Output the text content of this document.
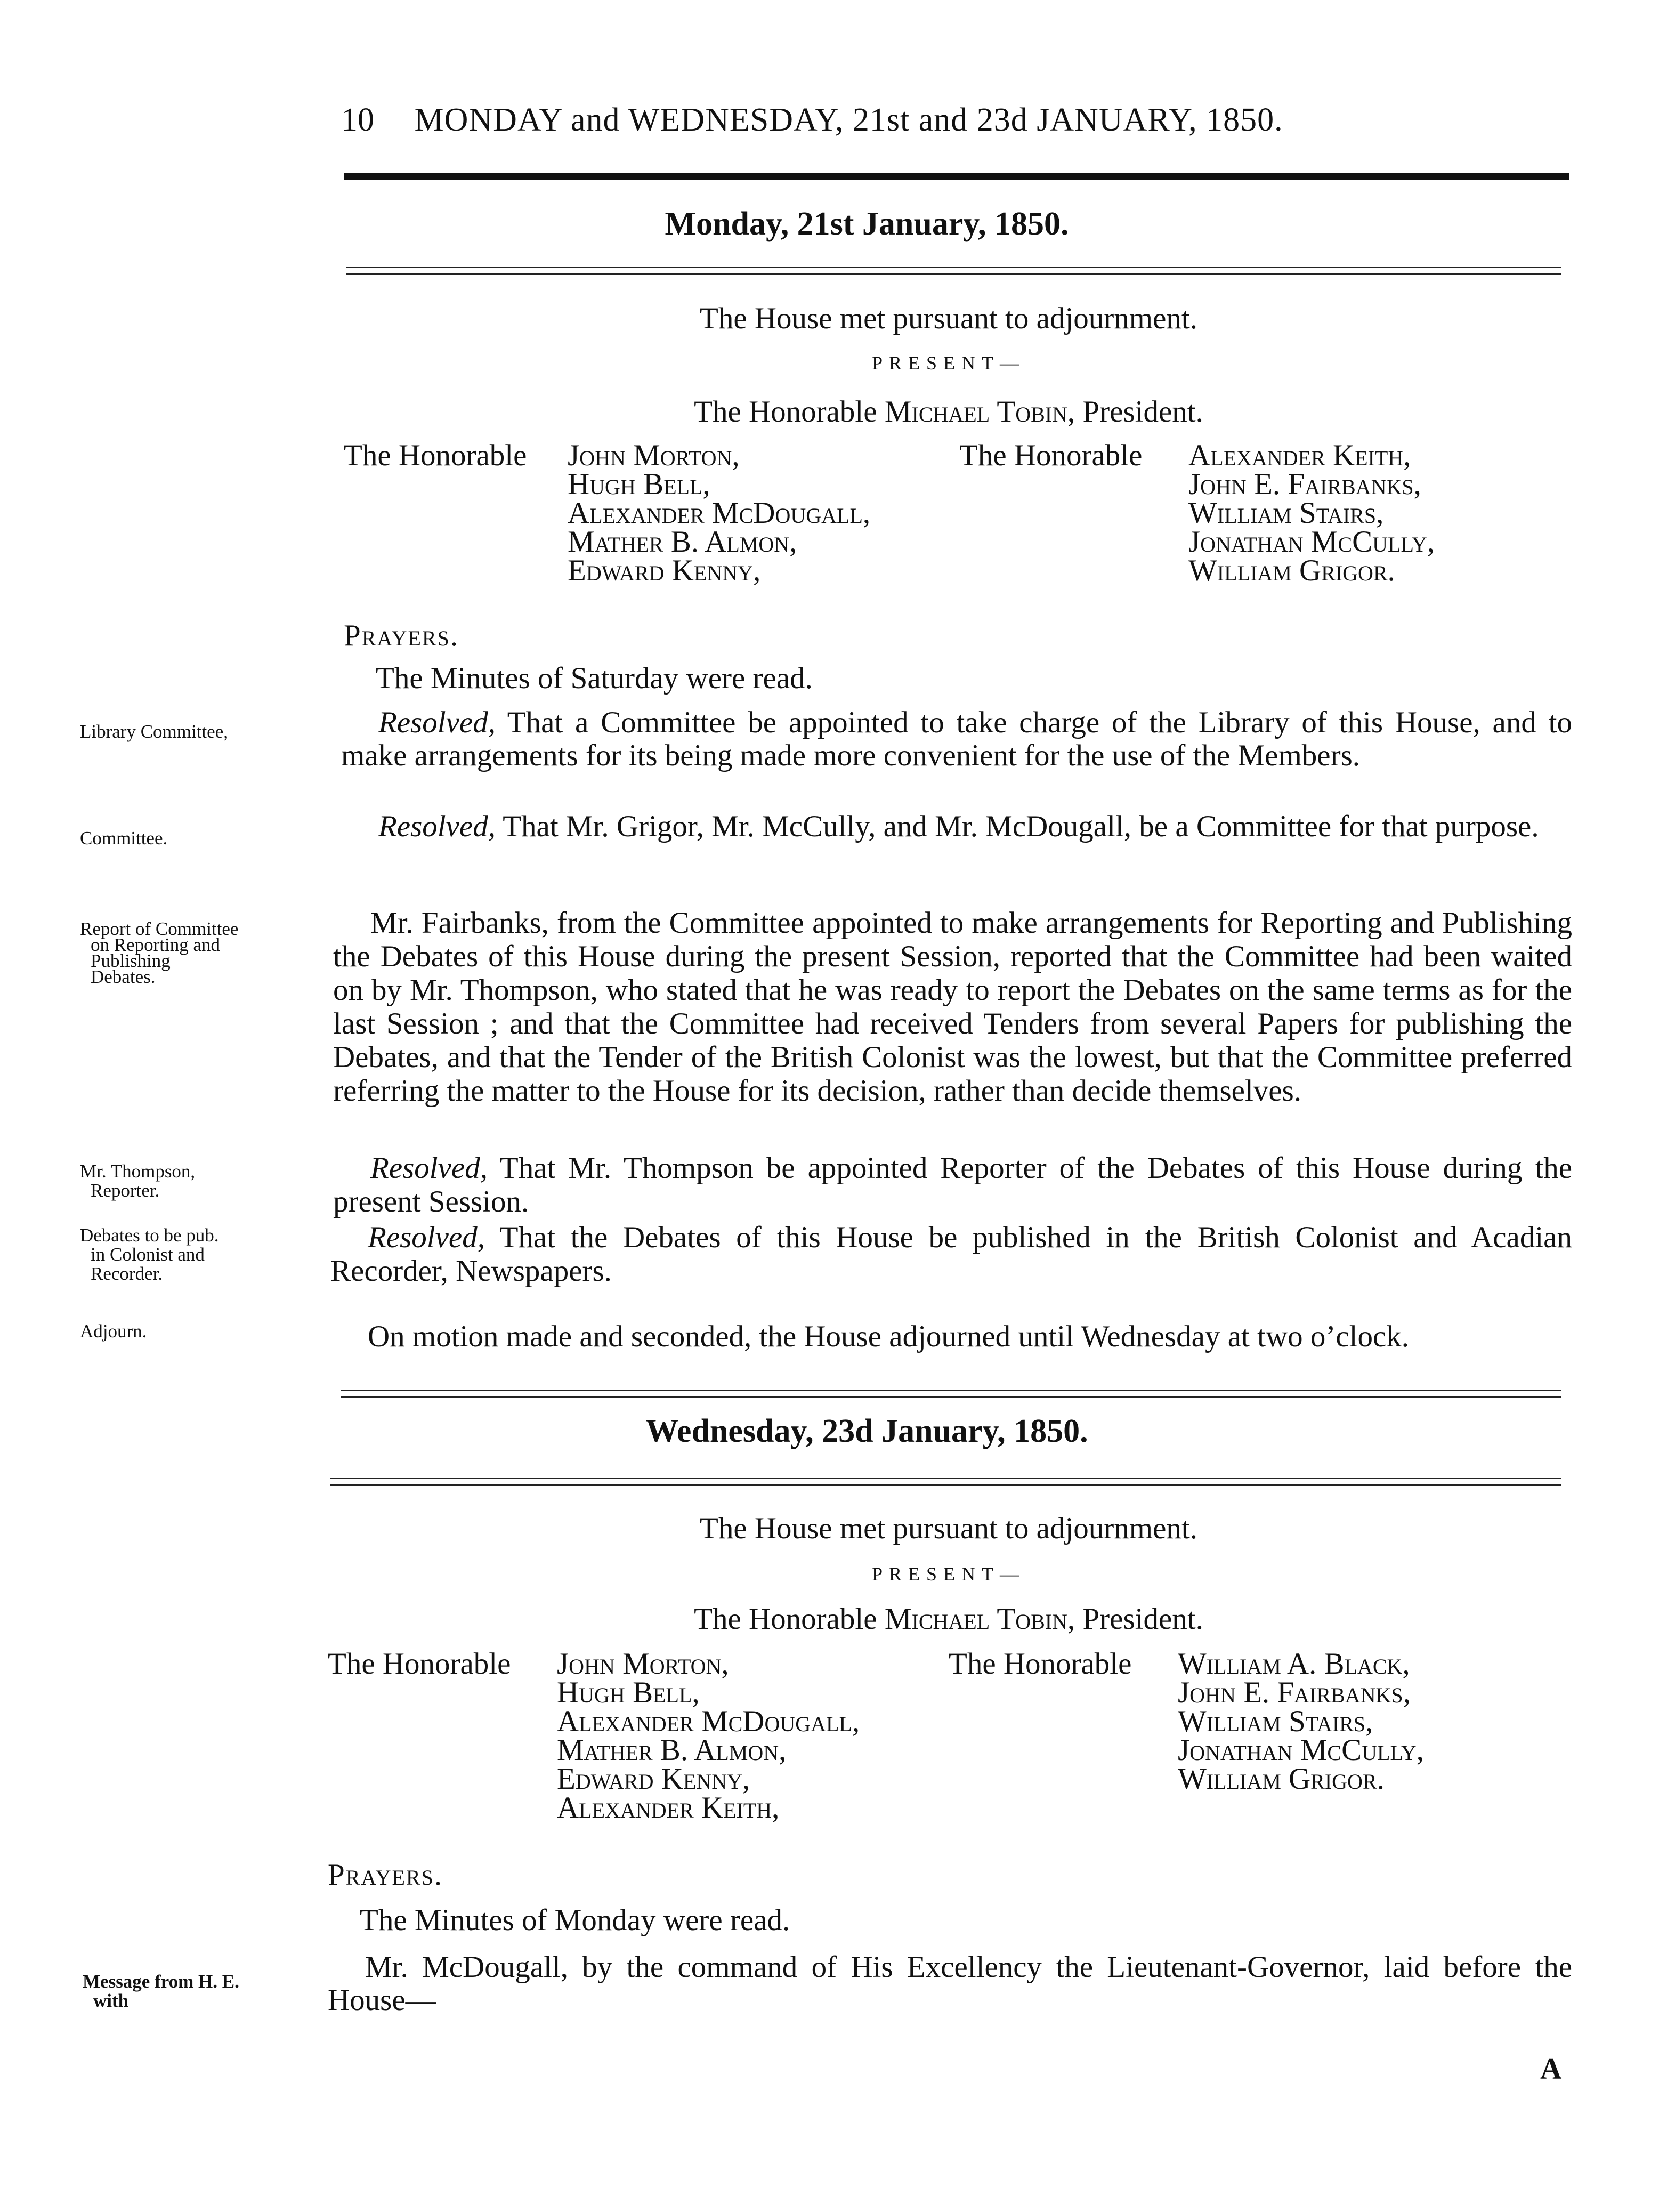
10 MONDAY and WEDNESDAY, 21st and 23d JANUARY, 1850.
Monday, 21st January, 1850.
The House met pursuant to adjournment.
PRESENT—
The Honorable Michael Tobin, President.
The Honorable John Morton,
Hugh Bell,
Alexander McDougall,
Mather B. Almon,
Edward Kenny,
The Honorable Alexander Keith,
John E. Fairbanks,
William Stairs,
Jonathan McCully,
William Grigor.
Prayers.
The Minutes of Saturday were read.
Library Committee,
Committee.
Report of Committee
on Reporting and
Publishing
Debates.
Mr. Thompson,
Reporter.
Debates to be pub.
in Colonist and
Recorder.
Adjourn.
Resolved, That a Committee be appointed to take charge of the Library of this House, and to make arrangements for its being made more convenient for the use of the Members.
Resolved, That Mr. Grigor, Mr. McCully, and Mr. McDougall, be a Committee for that purpose.
Mr. Fairbanks, from the Committee appointed to make arrangements for Reporting and Publishing the Debates of this House during the present Session, reported that the Committee had been waited on by Mr. Thompson, who stated that he was ready to report the Debates on the same terms as for the last Session ; and that the Committee had received Tenders from several Papers for publishing the Debates, and that the Tender of the British Colonist was the lowest, but that the Committee preferred referring the matter to the House for its decision, rather than decide themselves.
Resolved, That Mr. Thompson be appointed Reporter of the Debates of this House during the present Session.
Resolved, That the Debates of this House be published in the British Colonist and Acadian Recorder, Newspapers.
On motion made and seconded, the House adjourned until Wednesday at two o’clock.
Wednesday, 23d January, 1850.
The House met pursuant to adjournment.
PRESENT—
The Honorable Michael Tobin, President.
The Honorable John Morton,
Hugh Bell,
Alexander McDougall,
Mather B. Almon,
Edward Kenny,
Alexander Keith,
The Honorable William A. Black,
John E. Fairbanks,
William Stairs,
Jonathan McCully,
William Grigor.
Prayers.
The Minutes of Monday were read.
Message from H. E.
with
Mr. McDougall, by the command of His Excellency the Lieutenant-Governor, laid before the House—
A
